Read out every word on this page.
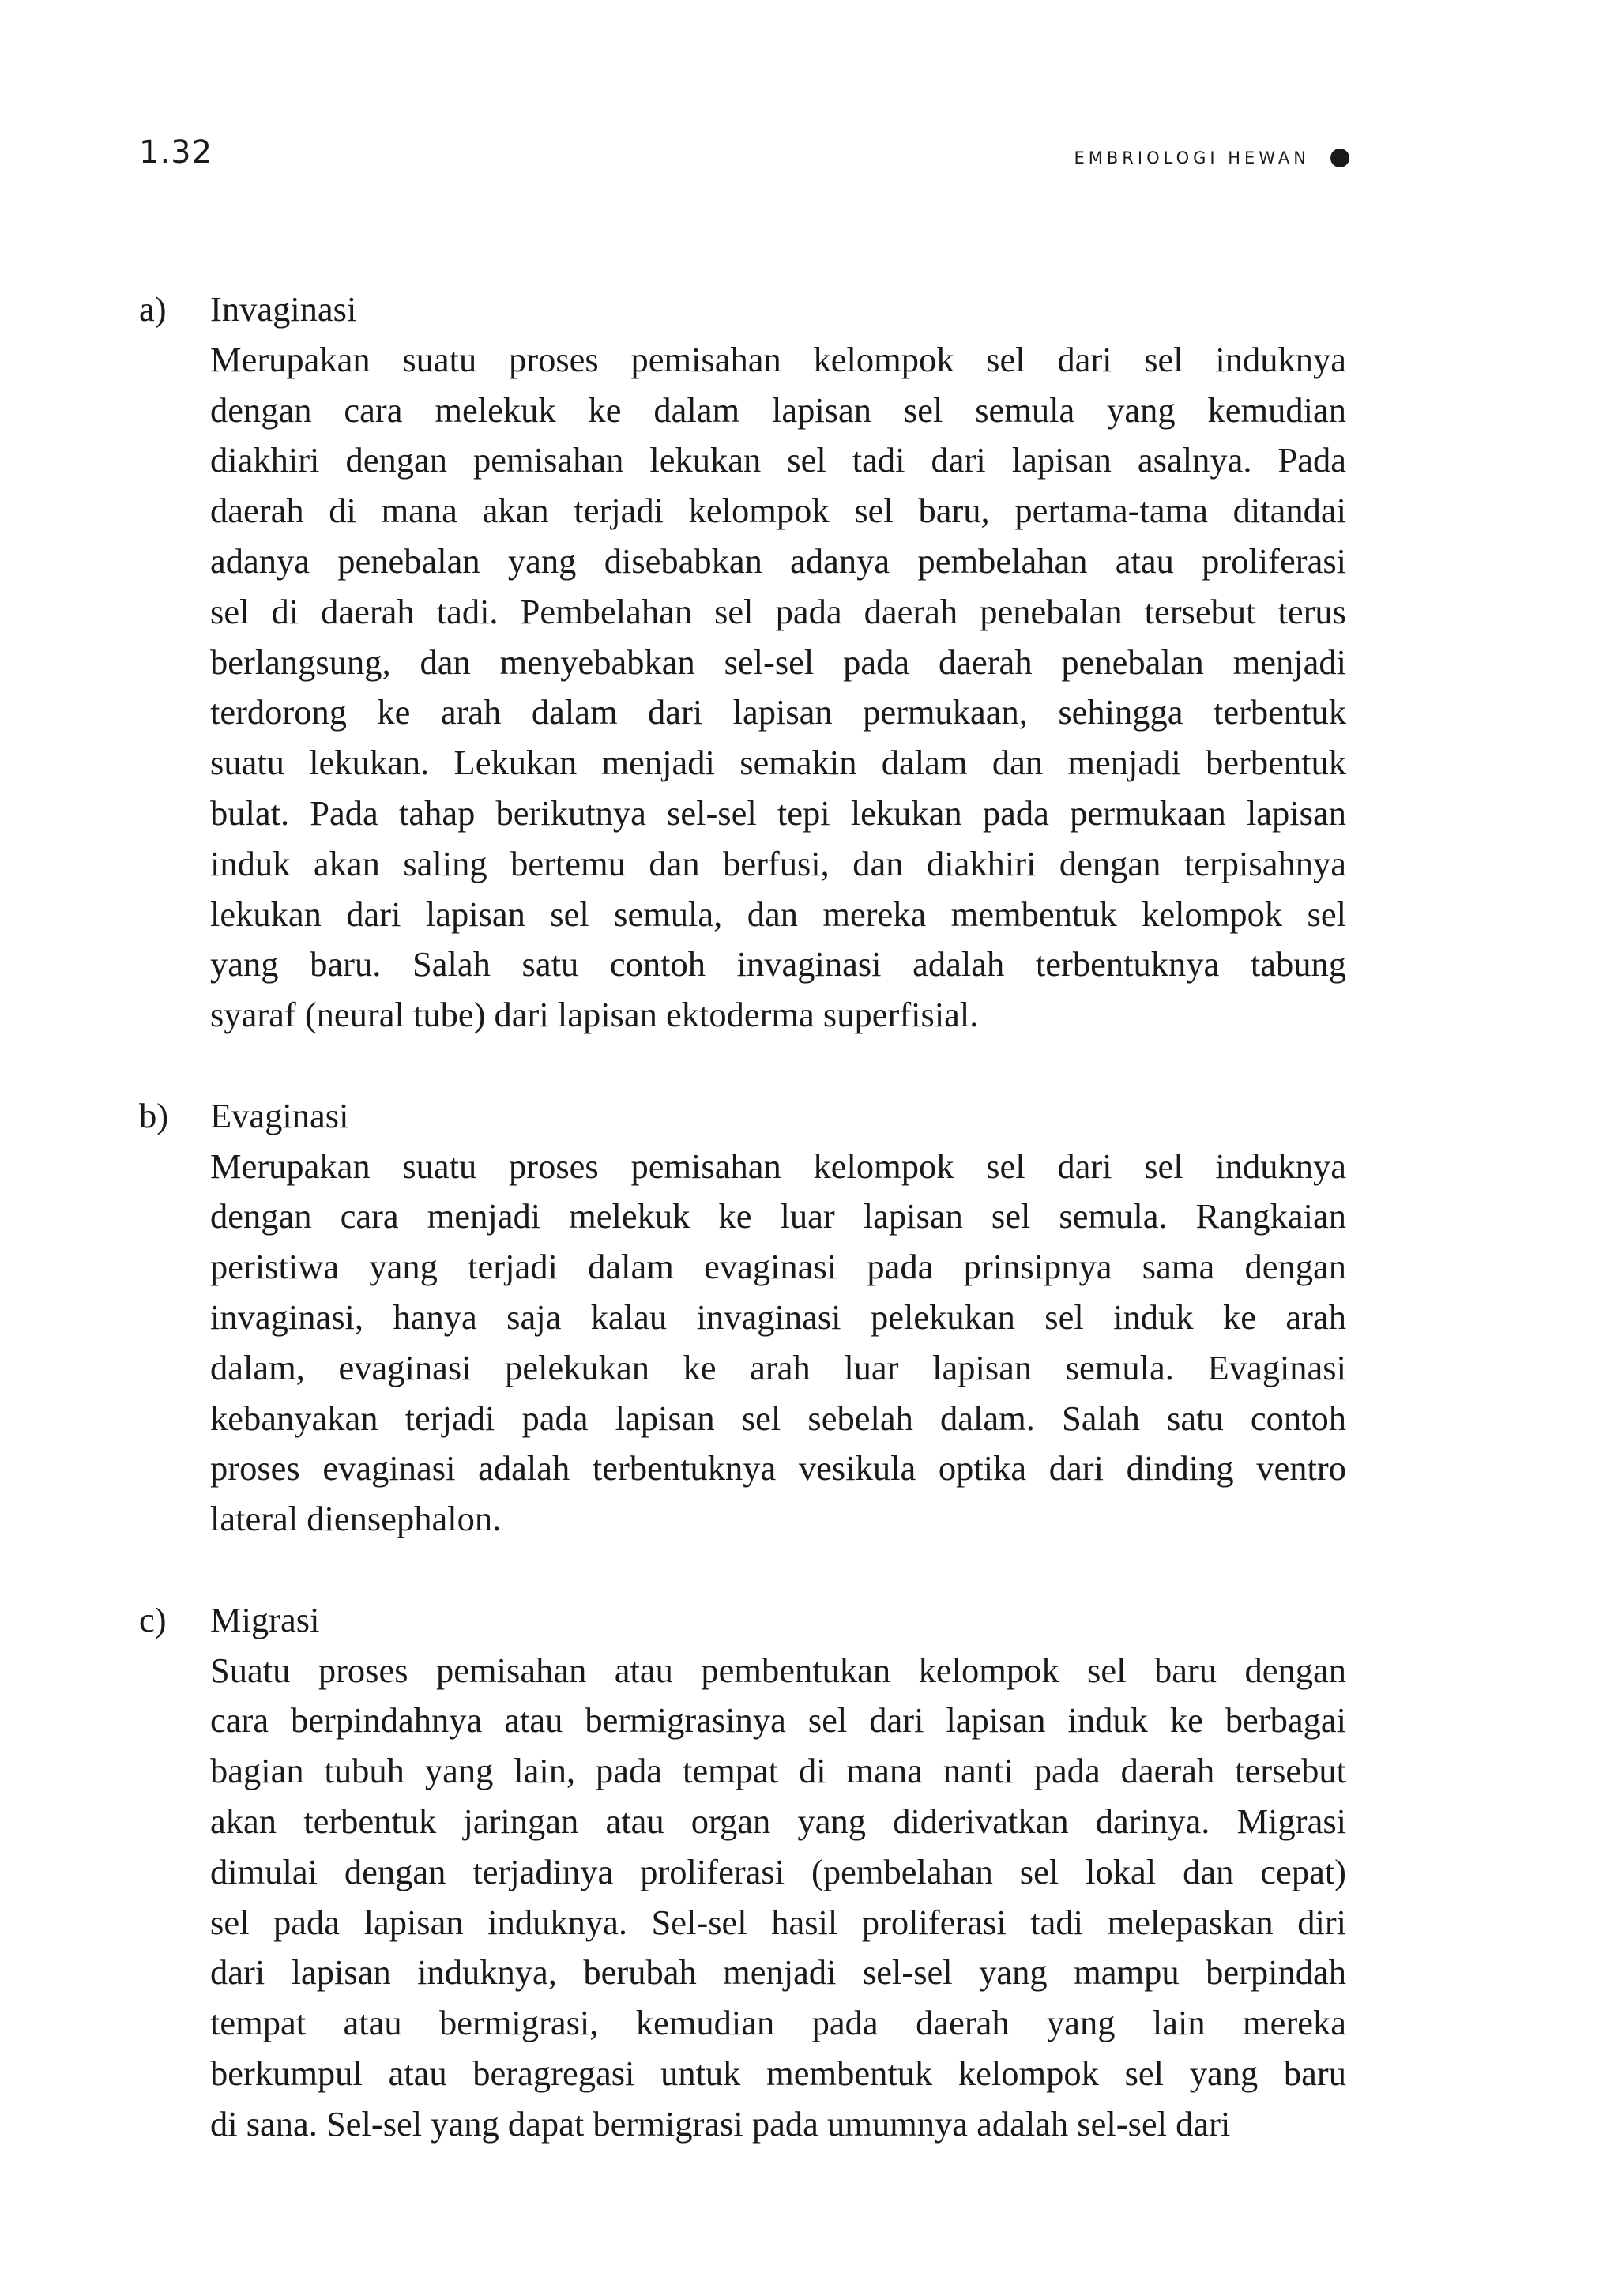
1.32	embriologi hewan
a) Invaginasi

Merupakan suatu proses pemisahan kelompok sel dari sel induknya
dengan cara melekuk ke dalam lapisan sel semula yang kemudian
diakhiri dengan pemisahan lekukan sel tadi dari lapisan asalnya. Pada
daerah di mana akan terjadi kelompok sel baru, pertama-tama ditandai
adanya penebalan yang disebabkan adanya pembelahan atau proliferasi
sel di daerah tadi. Pembelahan sel pada daerah penebalan tersebut terus
berlangsung, dan menyebabkan sel-sel pada daerah penebalan menjadi
terdorong ke arah dalam dari lapisan permukaan, sehingga terbentuk
suatu lekukan. Lekukan menjadi semakin dalam dan menjadi berbentuk
bulat. Pada tahap berikutnya sel-sel tepi lekukan pada permukaan lapisan
induk akan saling bertemu dan berfusi, dan diakhiri dengan terpisahnya
lekukan dari lapisan sel semula, dan mereka membentuk kelompok sel
yang baru. Salah satu contoh invaginasi adalah terbentuknya tabung
syaraf (neural tube) dari lapisan ektoderma superfisial.

b) Evaginasi

Merupakan suatu proses pemisahan kelompok sel dari sel induknya
dengan cara menjadi melekuk ke luar lapisan sel semula. Rangkaian
peristiwa yang terjadi dalam evaginasi pada prinsipnya sama dengan
invaginasi, hanya saja kalau invaginasi pelekukan sel induk ke arah
dalam, evaginasi pelekukan ke arah luar lapisan semula. Evaginasi
kebanyakan terjadi pada lapisan sel sebelah dalam. Salah satu contoh
proses evaginasi adalah terbentuknya vesikula optika dari dinding ventro
lateral diensephalon.

c) Migrasi

Suatu proses pemisahan atau pembentukan kelompok sel baru dengan
cara berpindahnya atau bermigrasinya sel dari lapisan induk ke berbagai
bagian tubuh yang lain, pada tempat di mana nanti pada daerah tersebut
akan terbentuk jaringan atau organ yang diderivatkan darinya. Migrasi
dimulai dengan terjadinya proliferasi (pembelahan sel lokal dan cepat)
sel pada lapisan induknya. Sel-sel hasil proliferasi tadi melepaskan diri
dari lapisan induknya, berubah menjadi sel-sel yang mampu berpindah
tempat atau bermigrasi, kemudian pada daerah yang lain mereka
berkumpul atau beragregasi untuk membentuk kelompok sel yang baru
di sana. Sel-sel yang dapat bermigrasi pada umumnya adalah sel-sel dari
